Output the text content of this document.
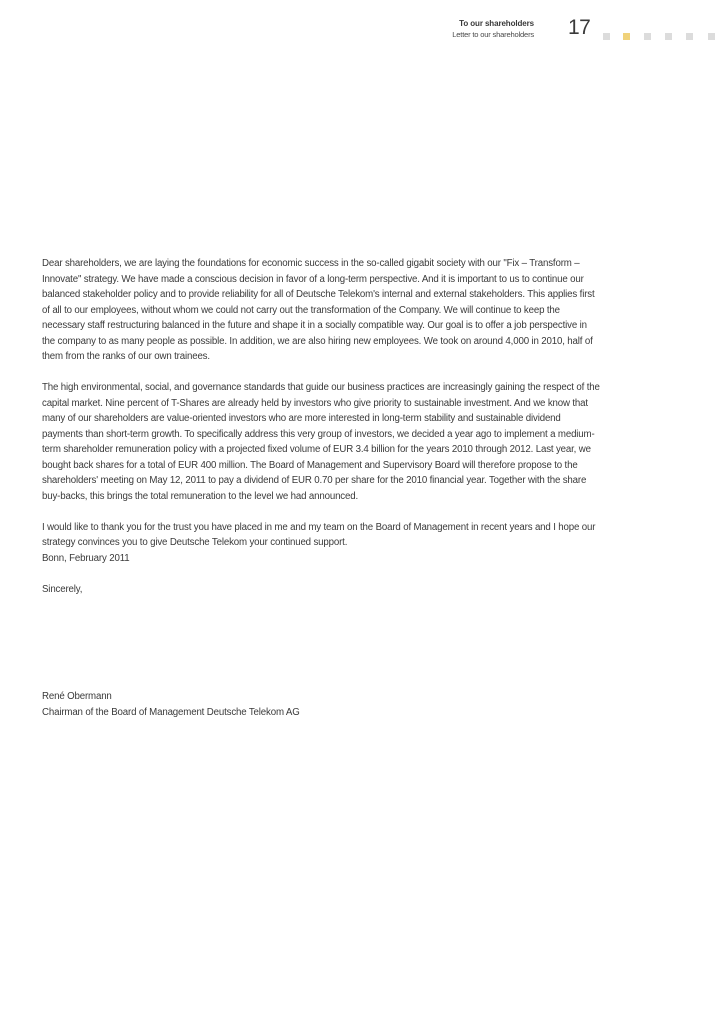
To our shareholders
Letter to our shareholders 17

Dear shareholders, we are laying the foundations for economic success in the so-called gigabit society with our "Fix – Transform – Innovate" strategy. We have made a conscious decision in favor of a long-term perspective. And it is important to us to continue our balanced stakeholder policy and to provide reliability for all of Deutsche Telekom's internal and external stakeholders. This applies first of all to our employees, without whom we could not carry out the transformation of the Company. We will continue to keep the necessary staff restructuring balanced in the future and shape it in a socially compatible way. Our goal is to offer a job perspective in the company to as many people as possible. In addition, we are also hiring new employees. We took on around 4,000 in 2010, half of them from the ranks of our own trainees.

The high environmental, social, and governance standards that guide our business practices are increasingly gaining the respect of the capital market. Nine percent of T-Shares are already held by investors who give priority to sustainable investment. And we know that many of our shareholders are value-oriented investors who are more interested in long-term stability and sustainable dividend payments than short-term growth. To specifically address this very group of investors, we decided a year ago to implement a medium-term shareholder remuneration policy with a projected fixed volume of EUR 3.4 billion for the years 2010 through 2012. Last year, we bought back shares for a total of EUR 400 million. The Board of Management and Supervisory Board will therefore propose to the shareholders' meeting on May 12, 2011 to pay a dividend of EUR 0.70 per share for the 2010 financial year. Together with the share buy-backs, this brings the total remuneration to the level we had announced.

I would like to thank you for the trust you have placed in me and my team on the Board of Management in recent years and I hope our strategy convinces you to give Deutsche Telekom your continued support.

Bonn, February 2011
Sincerely,
René Obermann
Chairman of the Board of Management Deutsche Telekom AG
